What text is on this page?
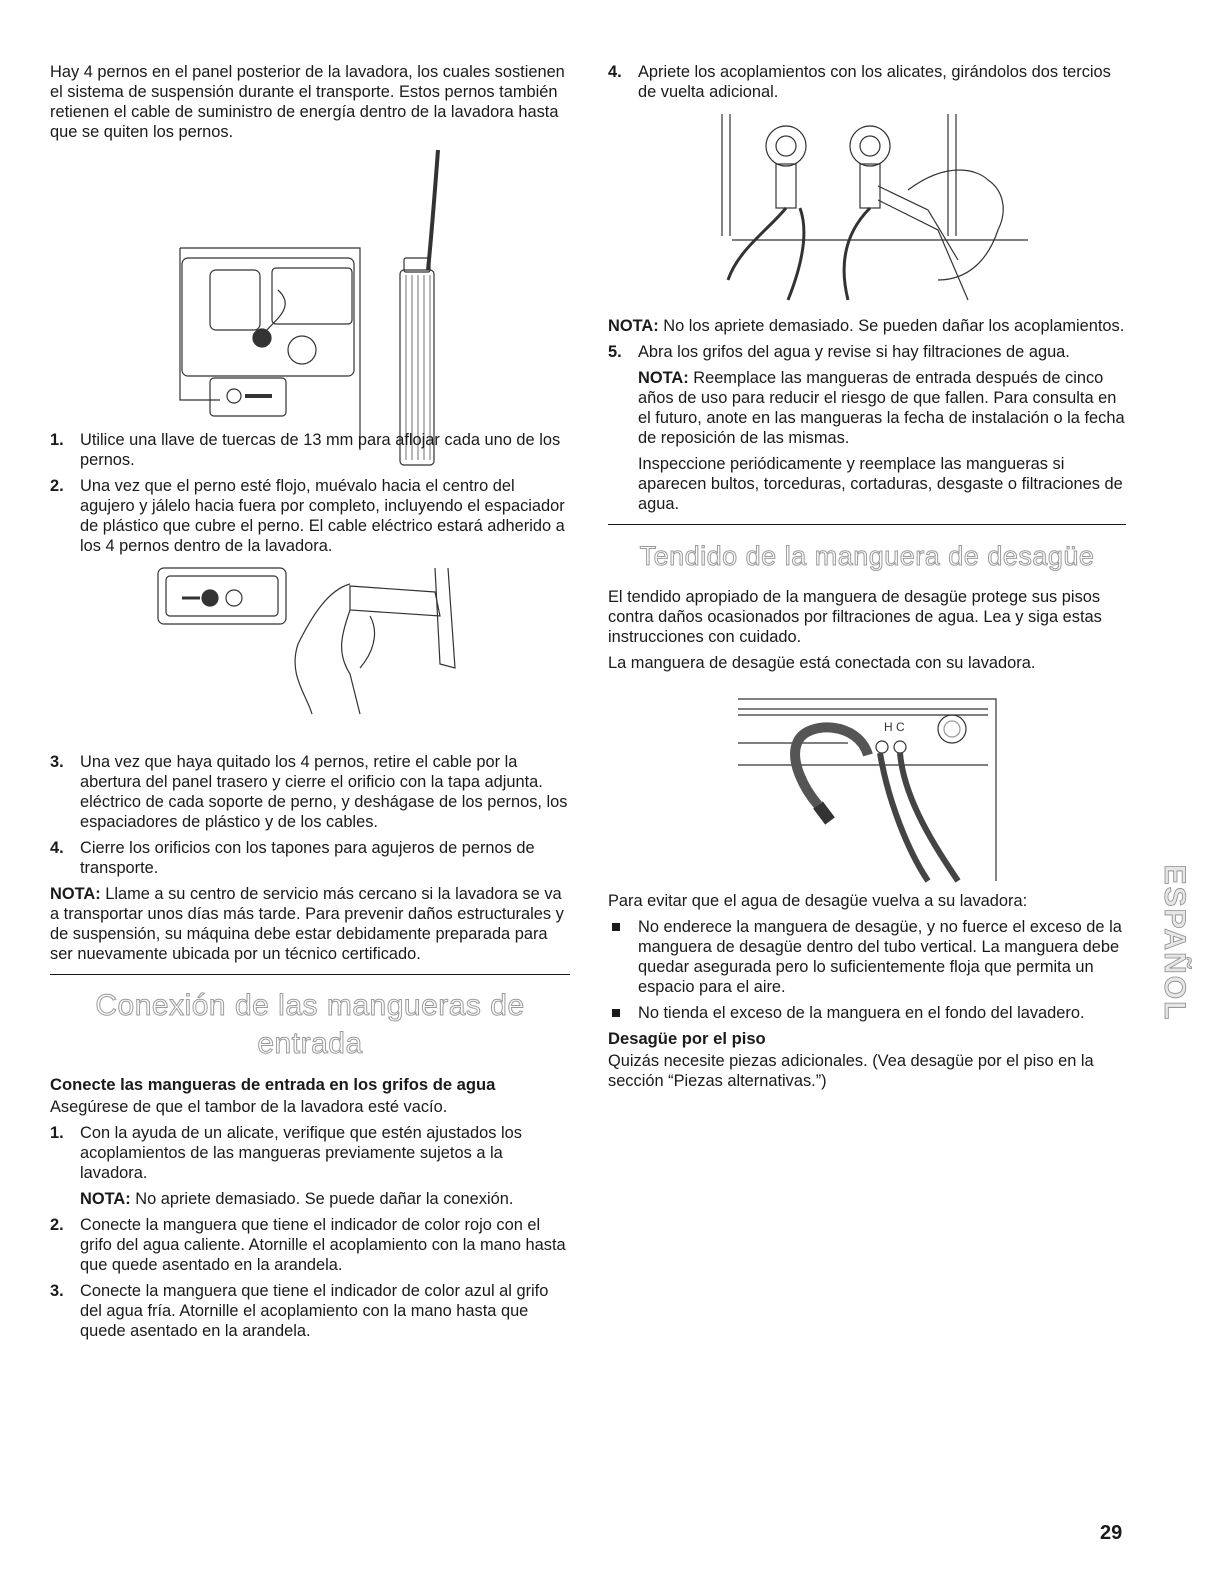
Hay 4 pernos en el panel posterior de la lavadora, los cuales sostienen el sistema de suspensión durante el transporte. Estos pernos también retienen el cable de suministro de energía dentro de la lavadora hasta que se quiten los pernos.

1. Utilice una llave de tuercas de 13 mm para aflojar cada uno de los pernos.
2. Una vez que el perno esté flojo, muévalo hacia el centro del agujero y jálelo hacia fuera por completo, incluyendo el espaciador de plástico que cubre el perno. El cable eléctrico estará adherido a los 4 pernos dentro de la lavadora.
3. Una vez que haya quitado los 4 pernos, retire el cable por la abertura del panel trasero y cierre el orificio con la tapa adjunta. eléctrico de cada soporte de perno, y deshágase de los pernos, los espaciadores de plástico y de los cables.
4. Cierre los orificios con los tapones para agujeros de pernos de transporte.

NOTA: Llame a su centro de servicio más cercano si la lavadora se va a transportar unos días más tarde. Para prevenir daños estructurales y de suspensión, su máquina debe estar debidamente preparada para ser nuevamente ubicada por un técnico certificado.

Conexión de las mangueras de
entrada
Conecte las mangueras de entrada en los grifos de agua

Asegúrese de que el tambor de la lavadora esté vacío.

1. Con la ayuda de un alicate, verifique que estén ajustados los acoplamientos de las mangueras previamente sujetos a la lavadora.
NOTA: No apriete demasiado. Se puede dañar la conexión.
2. Conecte la manguera que tiene el indicador de color rojo con el grifo del agua caliente. Atornille el acoplamiento con la mano hasta que quede asentado en la arandela.
3. Conecte la manguera que tiene el indicador de color azul al grifo del agua fría. Atornille el acoplamiento con la mano hasta que quede asentado en la arandela.
4. Apriete los acoplamientos con los alicates, girándolos dos tercios de vuelta adicional.

NOTA: No los apriete demasiado. Se pueden dañar los acoplamientos.

5. Abra los grifos del agua y revise si hay filtraciones de agua.
NOTA: Reemplace las mangueras de entrada después de cinco años de uso para reducir el riesgo de que fallen. Para consulta en el futuro, anote en las mangueras la fecha de instalación o la fecha de reposición de las mismas.
Inspeccione periódicamente y reemplace las mangueras si aparecen bultos, torceduras, cortaduras, desgaste o filtraciones de agua.
Tendido de la manguera de desagüe

El tendido apropiado de la manguera de desagüe protege sus pisos contra daños ocasionados por filtraciones de agua. Lea y siga estas instrucciones con cuidado.

La manguera de desagüe está conectada con su lavadora.

H C

Para evitar que el agua de desagüe vuelva a su lavadora:

No enderece la manguera de desagüe, y no fuerce el exceso de la manguera de desagüe dentro del tubo vertical. La manguera debe quedar asegurada pero lo suficientemente floja que permita un espacio para el aire.
No tienda el exceso de la manguera en el fondo del lavadero.
Desagüe por el piso

Quizás necesite piezas adicionales. (Vea desagüe por el piso en la sección “Piezas alternativas.”)

ESPAÑOL
29
